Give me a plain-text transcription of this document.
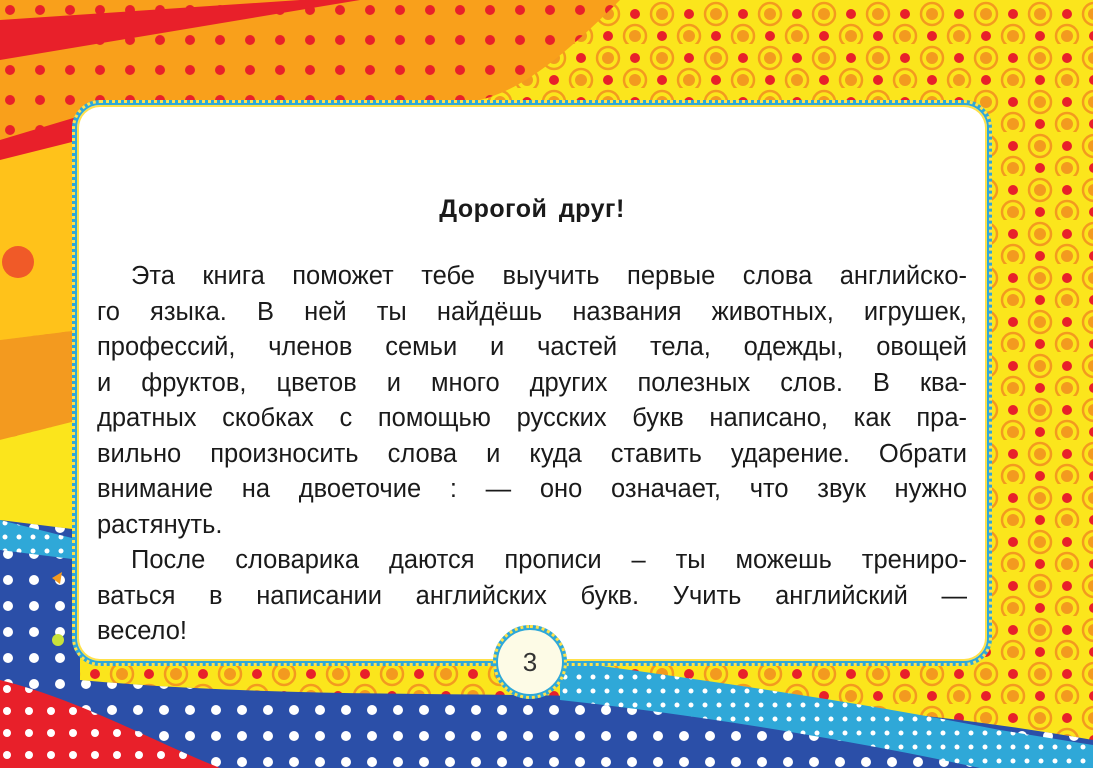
Дорогой друг!
Эта книга поможет тебе выучить первые слова английско-
го языка. В ней ты найдёшь названия животных, игрушек,
профессий, членов семьи и частей тела, одежды, овощей
и фруктов, цветов и много других полезных слов. В ква-
дратных скобках с помощью русских букв написано, как пра-
вильно произносить слова и куда ставить ударение. Обрати
внимание на двоеточие : — оно означает, что звук нужно
растянуть.
После словарика даются прописи – ты можешь трениро-
ваться в написании английских букв. Учить английский —
весело!
3
